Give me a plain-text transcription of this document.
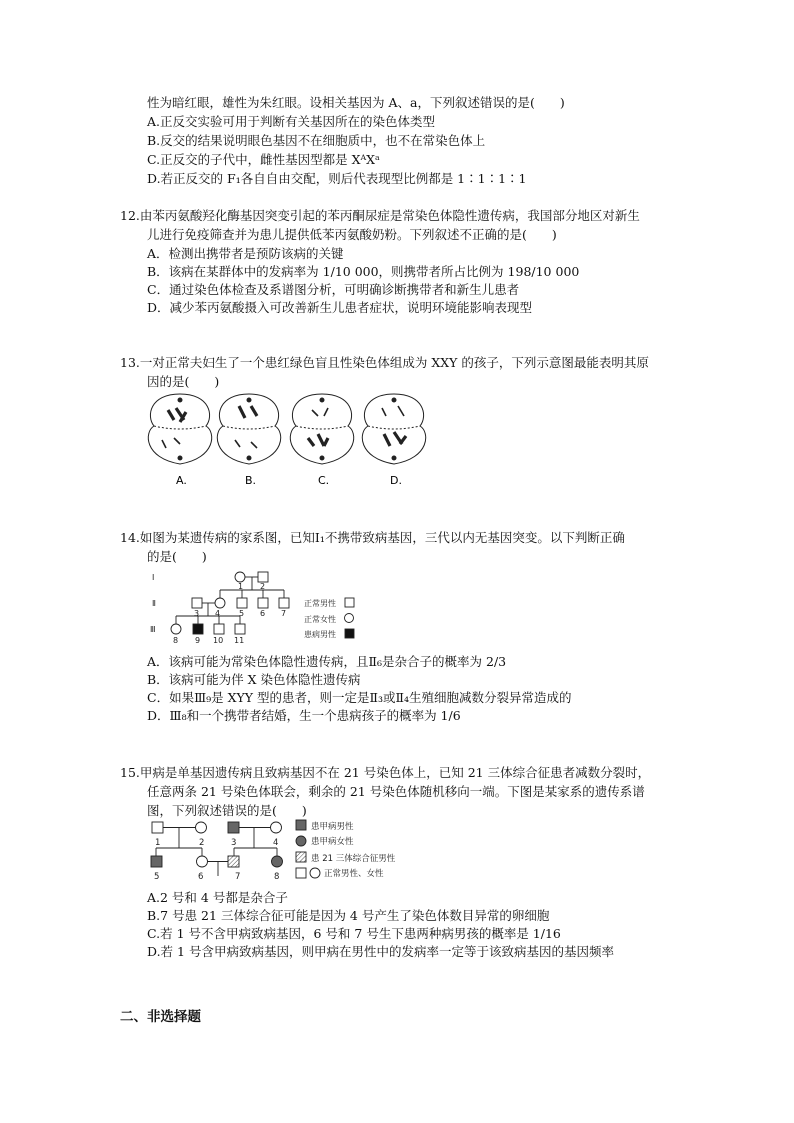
性为暗红眼，雄性为朱红眼。设相关基因为 A、a，下列叙述错误的是(　　)
A.正反交实验可用于判断有关基因所在的染色体类型
B.反交的结果说明眼色基因不在细胞质中，也不在常染色体上
C.正反交的子代中，雌性基因型都是 XᴬXᵃ
D.若正反交的 F₁各自自由交配，则后代表现型比例都是 1∶1∶1∶1
12.由苯丙氨酸羟化酶基因突变引起的苯丙酮尿症是常染色体隐性遗传病，我国部分地区对新生
儿进行免疫筛查并为患儿提供低苯丙氨酸奶粉。下列叙述不正确的是(　　)
A．检测出携带者是预防该病的关键
B．该病在某群体中的发病率为 1/10 000，则携带者所占比例为 198/10 000
C．通过染色体检查及系谱图分析，可明确诊断携带者和新生儿患者
D．减少苯丙氨酸摄入可改善新生儿患者症状，说明环境能影响表现型
13.一对正常夫妇生了一个患红绿色盲且性染色体组成为 XXY 的孩子，下列示意图最能表明其原
因的是(　　)
A.	B.	C.	D.
14.如图为某遗传病的家系图，已知Ⅰ₁不携带致病基因，三代以内无基因突变。以下判断正确
的是(　　)
Ⅰ
Ⅱ
Ⅲ
1 2
3 4 5 6 7
8 9 10 11
正常男性
正常女性
患病男性
A．该病可能为常染色体隐性遗传病，且Ⅱ₆是杂合子的概率为 2/3
B．该病可能为伴 X 染色体隐性遗传病
C．如果Ⅲ₉是 XYY 型的患者，则一定是Ⅱ₃或Ⅱ₄生殖细胞减数分裂异常造成的
D．Ⅲ₈和一个携带者结婚，生一个患病孩子的概率为 1/6
15.甲病是单基因遗传病且致病基因不在 21 号染色体上，已知 21 三体综合征患者减数分裂时，
任意两条 21 号染色体联会，剩余的 21 号染色体随机移向一端。下图是某家系的遗传系谱
图，下列叙述错误的是(　　)
1	2	3	4
5	6	7	8
患甲病男性
患甲病女性
患 21 三体综合征男性
正常男性、女性
A.2 号和 4 号都是杂合子
B.7 号患 21 三体综合征可能是因为 4 号产生了染色体数目异常的卵细胞
C.若 1 号不含甲病致病基因，6 号和 7 号生下患两种病男孩的概率是 1/16
D.若 1 号含甲病致病基因，则甲病在男性中的发病率一定等于该致病基因的基因频率
二、非选择题
